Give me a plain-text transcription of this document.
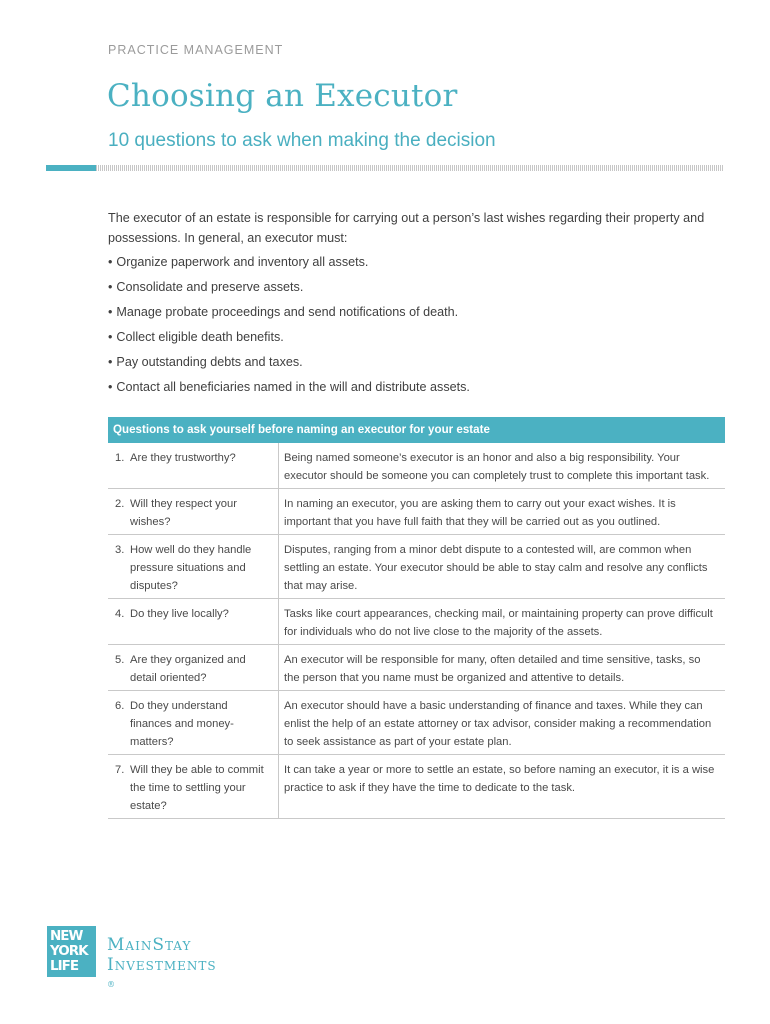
PRACTICE MANAGEMENT
Choosing an Executor
10 questions to ask when making the decision

The executor of an estate is responsible for carrying out a person’s last wishes regarding their property and possessions. In general, an executor must:

• Organize paperwork and inventory all assets.
• Consolidate and preserve assets.
• Manage probate proceedings and send notifications of death.
• Collect eligible death benefits.
• Pay outstanding debts and taxes.
• Contact all beneficiaries named in the will and distribute assets.
Questions to ask yourself before naming an executor for your estate
1. Are they trustworthy?	Being named someone’s executor is an honor and also a big responsibility. Your executor should be someone you can completely trust to complete this important task.
2. Will they respect your wishes?
In naming an executor, you are asking them to carry out your exact wishes. It is important that you have full faith that they will be carried out as you outlined.
3. How well do they handle pressure situations and disputes?
Disputes, ranging from a minor debt dispute to a contested will, are common when settling an estate. Your executor should be able to stay calm and resolve any conflicts that may arise.
4. Do they live locally?	Tasks like court appearances, checking mail, or maintaining property can prove difficult for individuals who do not live close to the majority of the assets.
5. Are they organized and detail oriented?
An executor will be responsible for many, often detailed and time sensitive, tasks, so the person that you name must be organized and attentive to details.
6. Do they understand finances and money-matters?
An executor should have a basic understanding of finance and taxes. While they can enlist the help of an estate attorney or tax advisor, consider making a recommendation to seek assistance as part of your estate plan.
7. Will they be able to commit the time to settling your estate?
It can take a year or more to settle an estate, so before naming an executor, it is a wise practice to ask if they have the time to dedicate to the task.
NEW
YORK
LIFE
MainStay
Investments
®
